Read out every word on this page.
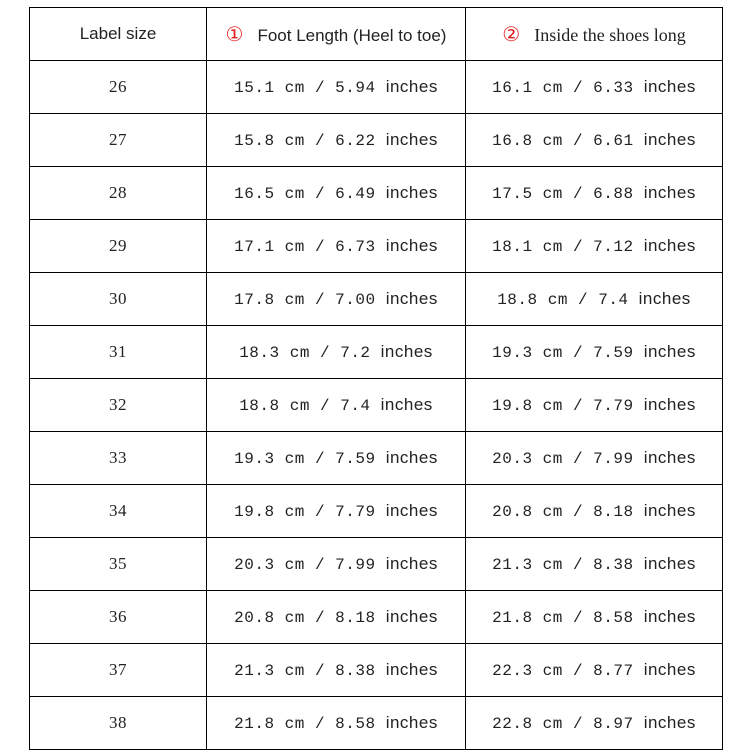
Label size	① Foot Length (Heel to toe)	② Inside the shoes long
26	15.1 cm / 5.94 inches	16.1 cm / 6.33 inches
27	15.8 cm / 6.22 inches	16.8 cm / 6.61 inches
28	16.5 cm / 6.49 inches	17.5 cm / 6.88 inches
29	17.1 cm / 6.73 inches	18.1 cm / 7.12 inches
30	17.8 cm / 7.00 inches	18.8 cm / 7.4 inches
31	18.3 cm / 7.2 inches	19.3 cm / 7.59 inches
32	18.8 cm / 7.4 inches	19.8 cm / 7.79 inches
33	19.3 cm / 7.59 inches	20.3 cm / 7.99 inches
34	19.8 cm / 7.79 inches	20.8 cm / 8.18 inches
35	20.3 cm / 7.99 inches	21.3 cm / 8.38 inches
36	20.8 cm / 8.18 inches	21.8 cm / 8.58 inches
37	21.3 cm / 8.38 inches	22.3 cm / 8.77 inches
38	21.8 cm / 8.58 inches	22.8 cm / 8.97 inches
